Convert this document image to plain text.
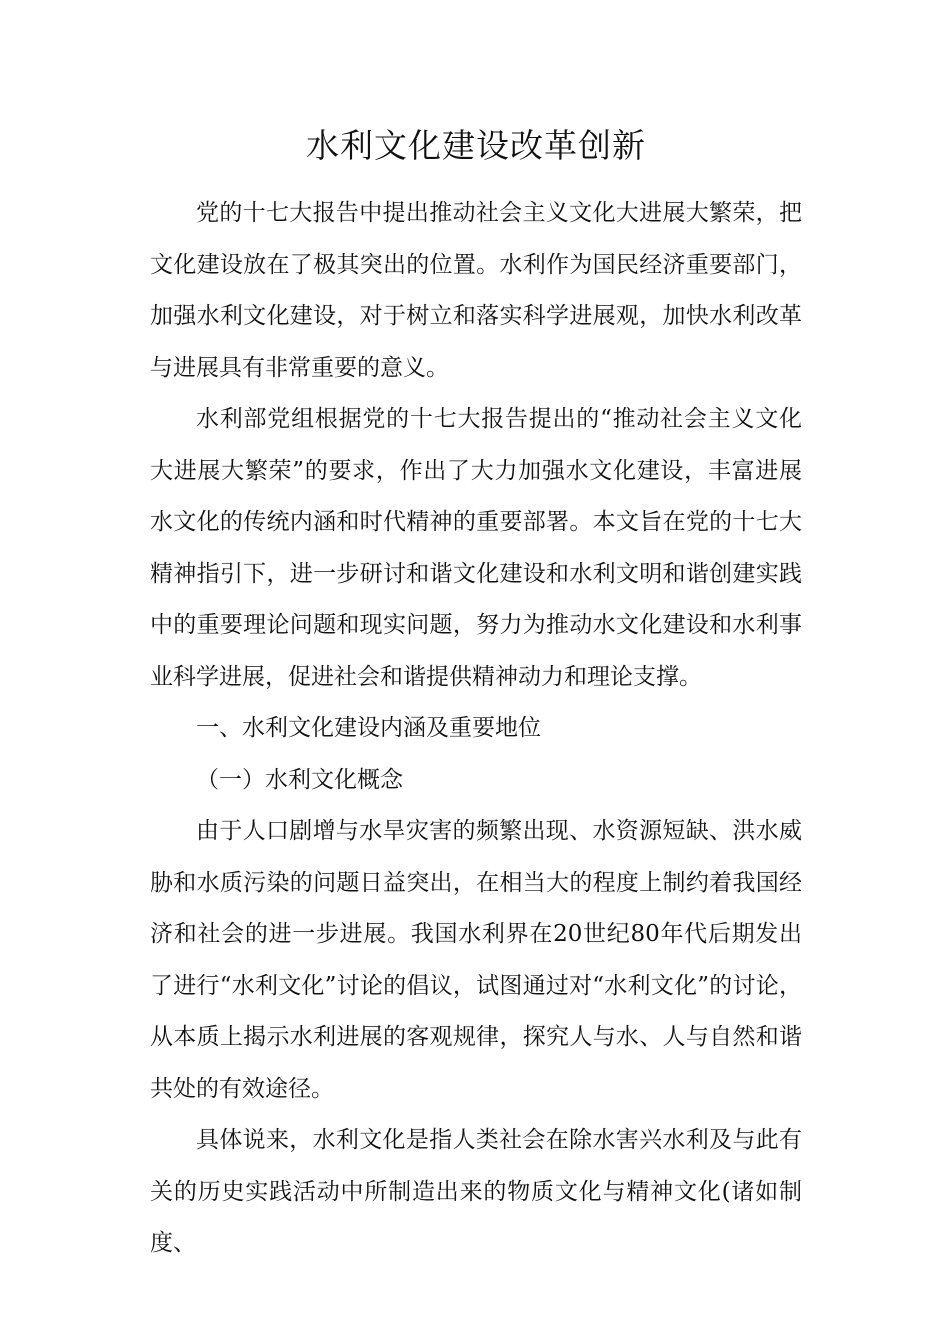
水利文化建设改革创新

党的十七大报告中提出推动社会主义文化大进展大繁荣，把文化建设放在了极其突出的位置。水利作为国民经济重要部门，加强水利文化建设，对于树立和落实科学进展观，加快水利改革与进展具有非常重要的意义。

水利部党组根据党的十七大报告提出的“推动社会主义文化大进展大繁荣”的要求，作出了大力加强水文化建设，丰富进展水文化的传统内涵和时代精神的重要部署。本文旨在党的十七大精神指引下，进一步研讨和谐文化建设和水利文明和谐创建实践中的重要理论问题和现实问题，努力为推动水文化建设和水利事业科学进展，促进社会和谐提供精神动力和理论支撑。

一、水利文化建设内涵及重要地位

（一）水利文化概念

由于人口剧增与水旱灾害的频繁出现、水资源短缺、洪水威胁和水质污染的问题日益突出，在相当大的程度上制约着我国经济和社会的进一步进展。我国水利界在20世纪80年代后期发出了进行“水利文化”讨论的倡议，试图通过对“水利文化”的讨论，从本质上揭示水利进展的客观规律，探究人与水、人与自然和谐共处的有效途径。

具体说来，水利文化是指人类社会在除水害兴水利及与此有关的历史实践活动中所制造出来的物质文化与精神文化(诸如制度、
